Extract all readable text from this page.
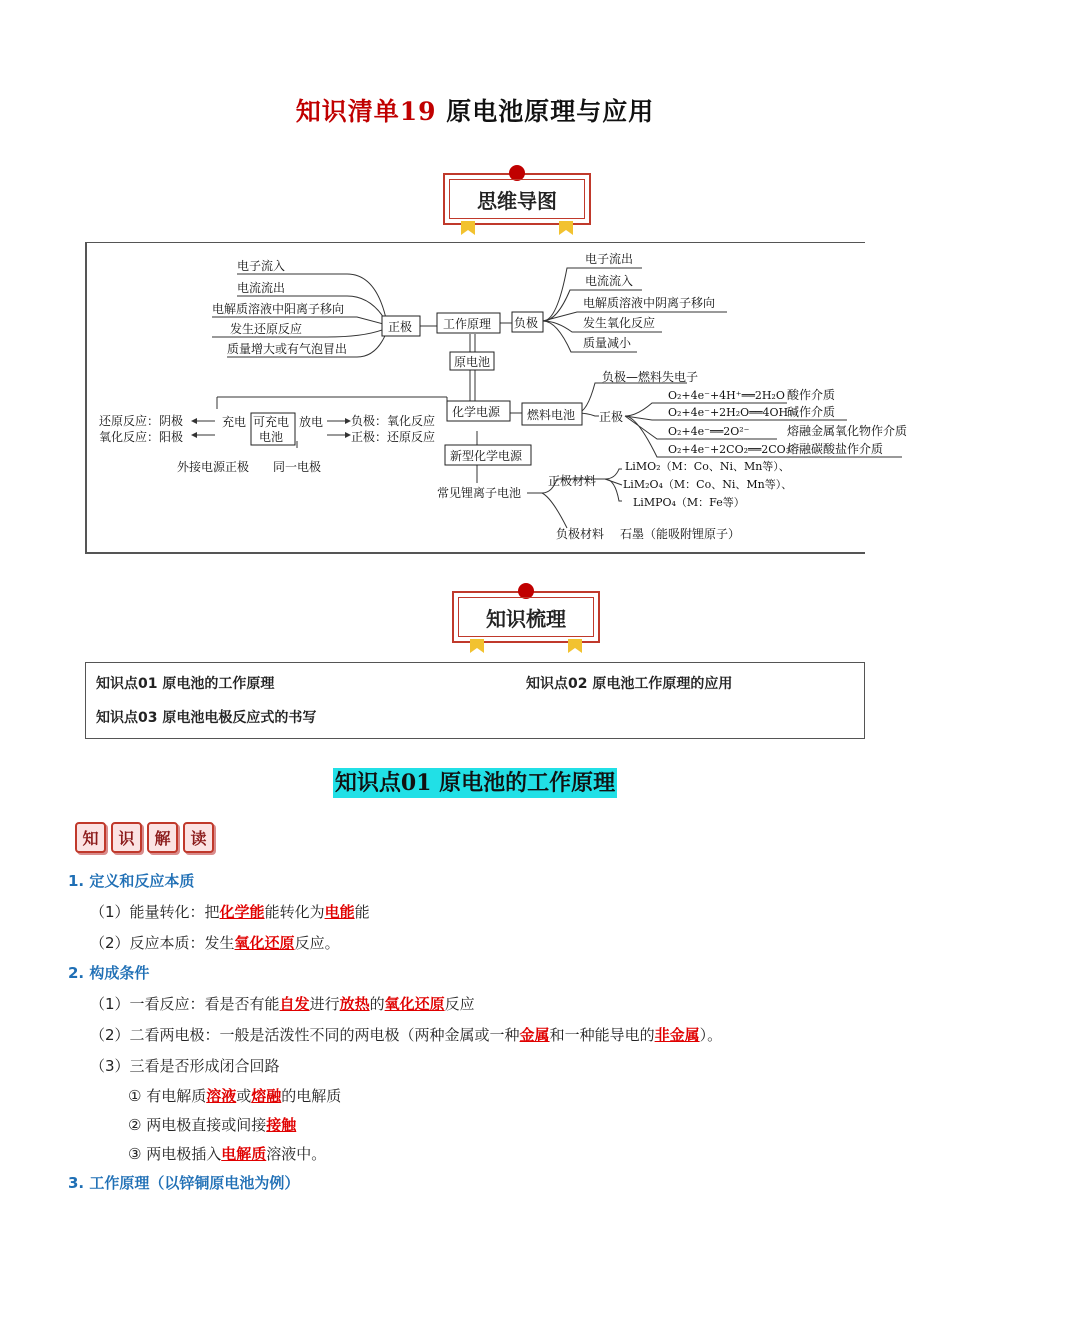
知识清单19 原电池原理与应用
思维导图
电子流入
电流流出
电解质溶液中阳离子移向
发生还原反应
质量增大或有气泡冒出
正极	工作原理 负极
电子流出
电流流入
电解质溶液中阴离子移向
发生氧化反应
质量减小
原电池
化学电源 燃料电池
负极—燃料失电子
正极
O₂+4e⁻+4H⁺══2H₂O 酸作介质
O₂+4e⁻+2H₂O══4OH⁻
碱作介质
O₂+4e⁻══2O²⁻	熔融金属氧化物作介质
O₂+4e⁻+2CO₂══2CO₃²⁻
熔融碳酸盐作介质
还原反应：阴极
氧化反应：阳极
充电 可充电
电池
放电 负极：氧化反应
正极：还原反应
外接电源正极 同一电极
新型化学电源
常见锂离子电池
正极材料
LiMO₂（M：Co、Ni、Mn等）、
LiM₂O₄（M：Co、Ni、Mn等）、
LiMPO₄（M：Fe等）
负极材料 石墨（能吸附锂原子）
知识梳理
知识点01 原电池的工作原理	知识点02 原电池工作原理的应用
知识点03 原电池电极反应式的书写
知识点01 原电池的工作原理
知	识	解	读
1. 定义和反应本质
（1）能量转化：把化学能能转化为电能能
（2）反应本质：发生氧化还原反应。
2. 构成条件
（1）一看反应：看是否有能自发进行放热的氧化还原反应
（2）二看两电极：一般是活泼性不同的两电极（两种金属或一种金属和一种能导电的非金属）。
（3）三看是否形成闭合回路
① 有电解质溶液或熔融的电解质
② 两电极直接或间接接触
③ 两电极插入电解质溶液中。
3. 工作原理（以锌铜原电池为例）
